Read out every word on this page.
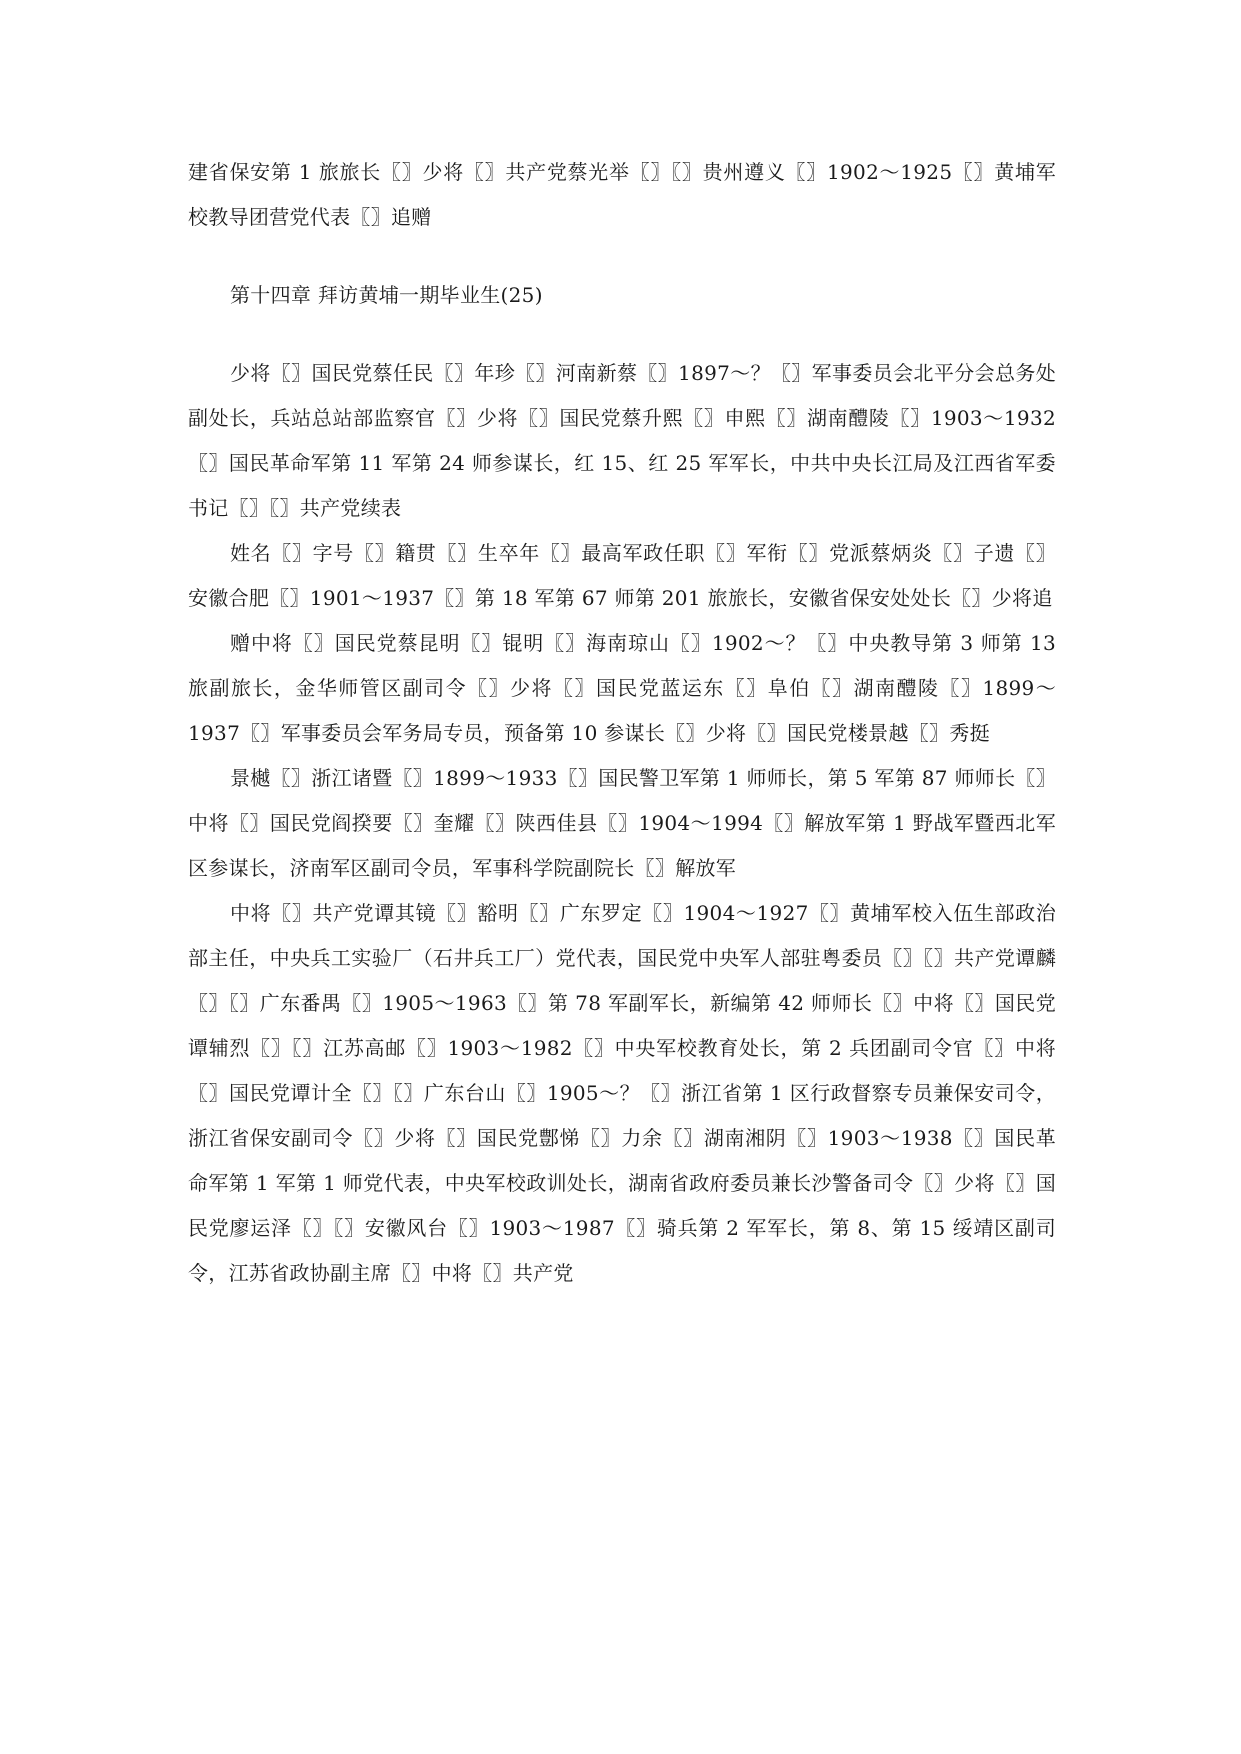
建省保安第 1 旅旅长〖〗少将〖〗共产党蔡光举〖〗〖〗贵州遵义〖〗1902～1925〖〗黄埔军校教导团营党代表〖〗追赠

第十四章 拜访黄埔一期毕业生(25)

少将〖〗国民党蔡任民〖〗年珍〖〗河南新蔡〖〗1897～？〖〗军事委员会北平分会总务处副处长，兵站总站部监察官〖〗少将〖〗国民党蔡升熙〖〗申熙〖〗湖南醴陵〖〗1903～1932〖〗国民革命军第 11 军第 24 师参谋长，红 15、红 25 军军长，中共中央长江局及江西省军委书记〖〗〖〗共产党续表

姓名〖〗字号〖〗籍贯〖〗生卒年〖〗最高军政任职〖〗军衔〖〗党派蔡炳炎〖〗子遗〖〗安徽合肥〖〗1901～1937〖〗第 18 军第 67 师第 201 旅旅长，安徽省保安处处长〖〗少将追

赠中将〖〗国民党蔡昆明〖〗锟明〖〗海南琼山〖〗1902～？〖〗中央教导第 3 师第 13 旅副旅长，金华师管区副司令〖〗少将〖〗国民党蓝运东〖〗阜伯〖〗湖南醴陵〖〗1899～1937〖〗军事委员会军务局专员，预备第 10 参谋长〖〗少将〖〗国民党楼景越〖〗秀挺

景樾〖〗浙江诸暨〖〗1899～1933〖〗国民警卫军第 1 师师长，第 5 军第 87 师师长〖〗中将〖〗国民党阎揆要〖〗奎耀〖〗陕西佳县〖〗1904～1994〖〗解放军第 1 野战军暨西北军区参谋长，济南军区副司令员，军事科学院副院长〖〗解放军

中将〖〗共产党谭其镜〖〗豁明〖〗广东罗定〖〗1904～1927〖〗黄埔军校入伍生部政治部主任，中央兵工实验厂（石井兵工厂）党代表，国民党中央军人部驻粤委员〖〗〖〗共产党谭麟〖〗〖〗广东番禺〖〗1905～1963〖〗第 78 军副军长，新编第 42 师师长〖〗中将〖〗国民党谭辅烈〖〗〖〗江苏高邮〖〗1903～1982〖〗中央军校教育处长，第 2 兵团副司令官〖〗中将〖〗国民党谭计全〖〗〖〗广东台山〖〗1905～？〖〗浙江省第 1 区行政督察专员兼保安司令，浙江省保安副司令〖〗少将〖〗国民党鄷悌〖〗力余〖〗湖南湘阴〖〗1903～1938〖〗国民革命军第 1 军第 1 师党代表，中央军校政训处长，湖南省政府委员兼长沙警备司令〖〗少将〖〗国民党廖运泽〖〗〖〗安徽风台〖〗1903～1987〖〗骑兵第 2 军军长，第 8、第 15 绥靖区副司令，江苏省政协副主席〖〗中将〖〗共产党
